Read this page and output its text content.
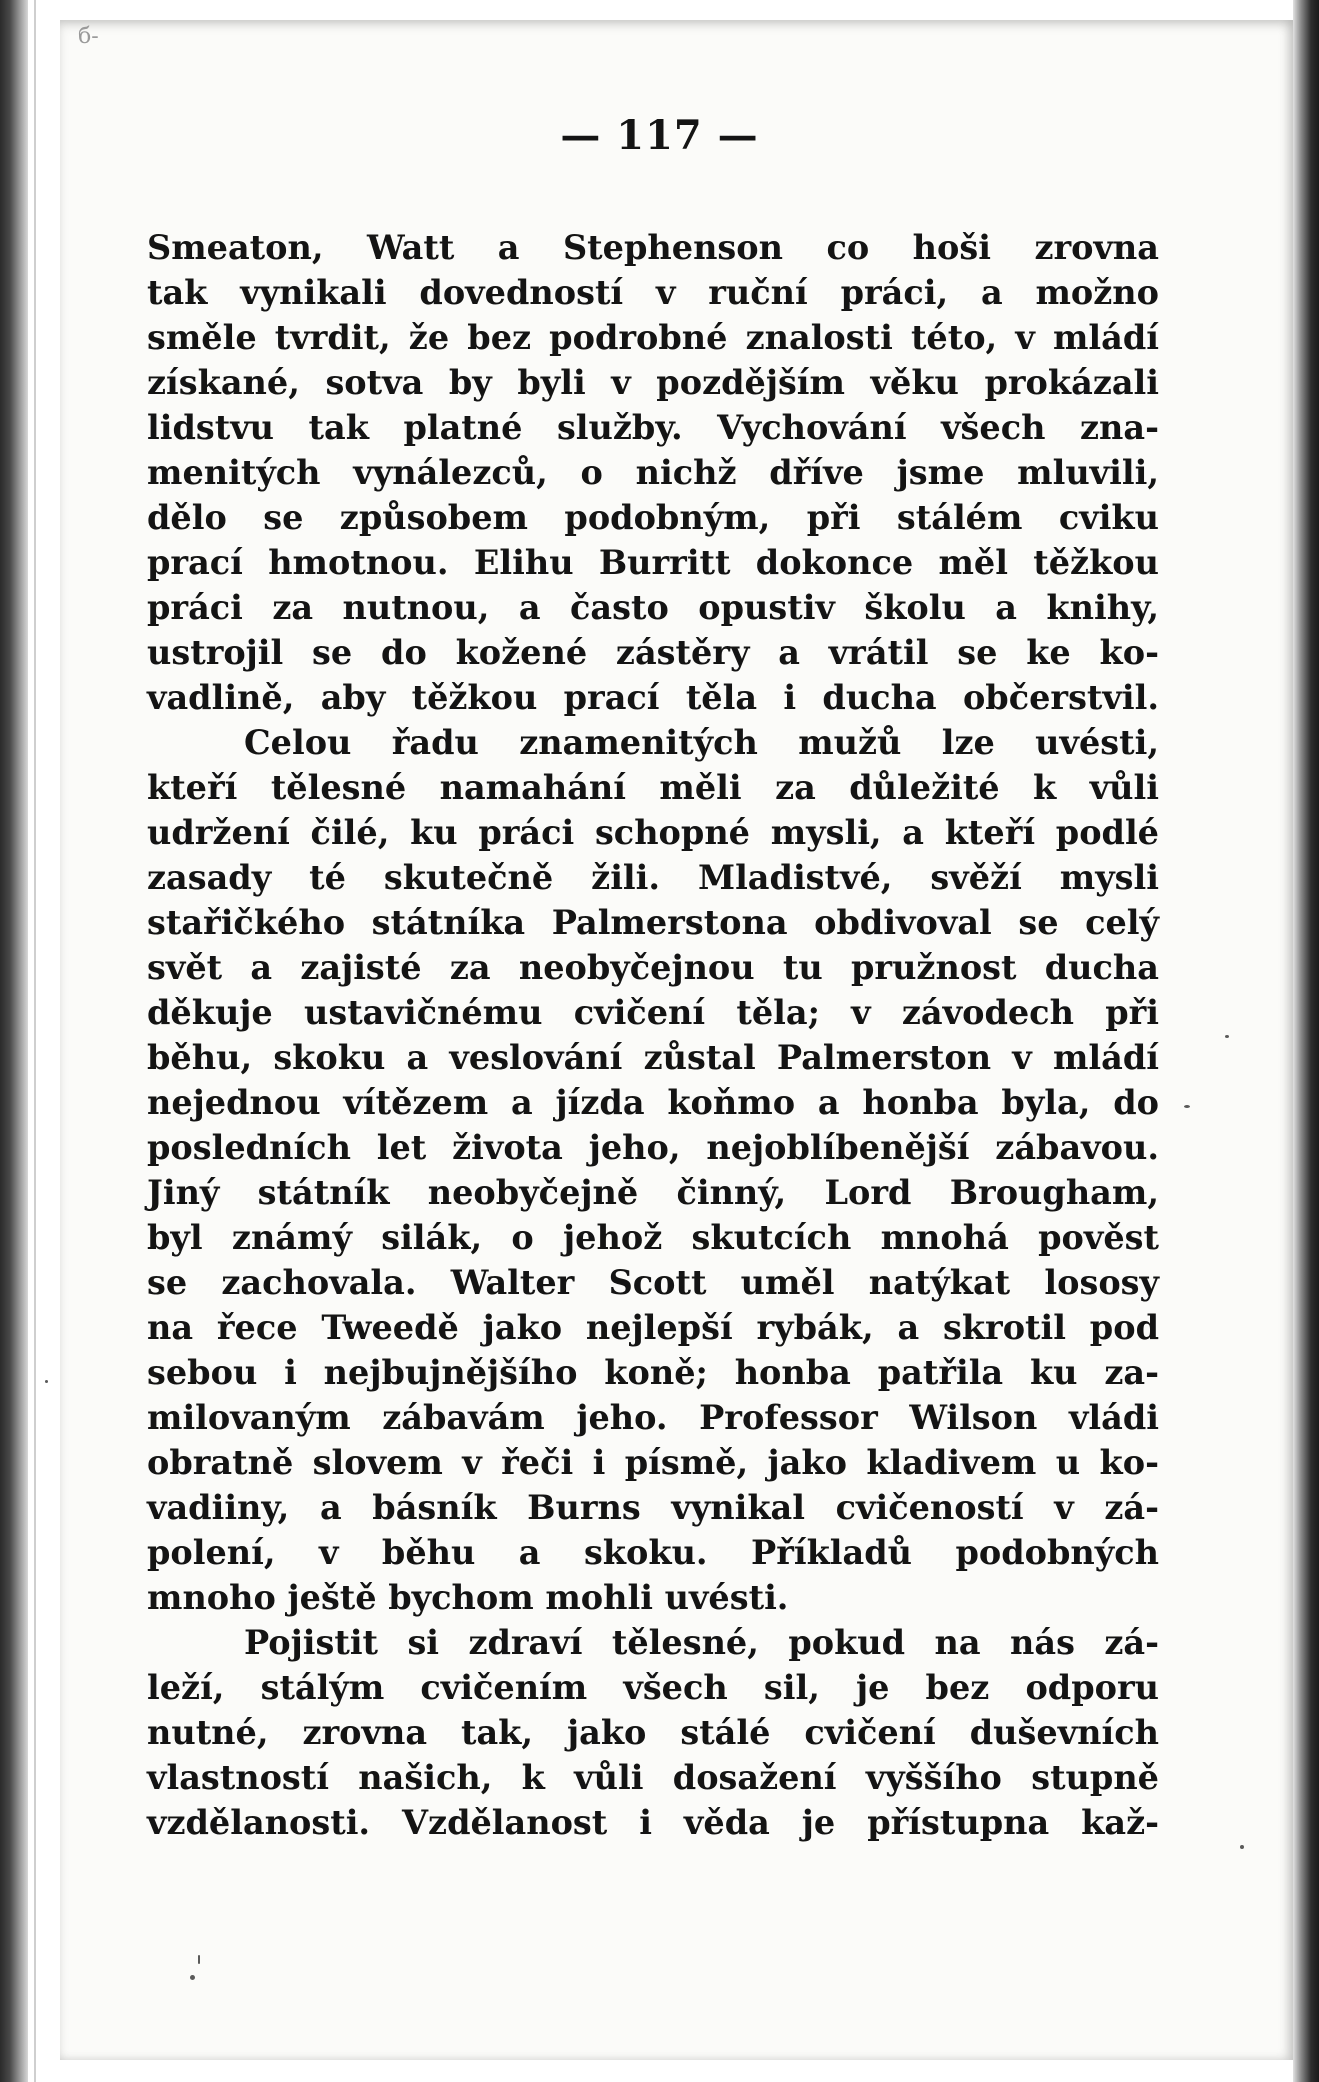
б-
— 117 —
Smeaton, Watt a Stephenson co hoši zrovna
tak vynikali dovedností v ruční práci, a možno
směle tvrdit, že bez podrobné znalosti této, v mládí
získané, sotva by byli v pozdějším věku prokázali
lidstvu tak platné služby. Vychování všech zna-
menitých vynálezců, o nichž dříve jsme mluvili,
dělo se způsobem podobným, při stálém cviku
prací hmotnou. Elihu Burritt dokonce měl těžkou
práci za nutnou, a často opustiv školu a knihy,
ustrojil se do kožené zástěry a vrátil se ke ko-
vadlině, aby těžkou prací těla i ducha občerstvil.
Celou řadu znamenitých mužů lze uvésti,
kteří tělesné namahání měli za důležité k vůli
udržení čilé, ku práci schopné mysli, a kteří podlé
zasady té skutečně žili. Mladistvé, svěží mysli
stařičkého státníka Palmerstona obdivoval se celý
svět a zajisté za neobyčejnou tu pružnost ducha
děkuje ustavičnému cvičení těla; v závodech při
běhu, skoku a veslování zůstal Palmerston v mládí
nejednou vítězem a jízda koňmo a honba byla, do
posledních let života jeho, nejoblíbenější zábavou.
Jiný státník neobyčejně činný, Lord Brougham,
byl známý silák, o jehož skutcích mnohá pověst
se zachovala. Walter Scott uměl natýkat lososy
na řece Tweedě jako nejlepší rybák, a skrotil pod
sebou i nejbujnějšího koně; honba patřila ku za-
milovaným zábavám jeho. Professor Wilson vládi
obratně slovem v řeči i písmě, jako kladivem u ko-
vadiiny, a básník Burns vynikal cvičeností v zá-
polení, v běhu a skoku. Příkladů podobných
mnoho ještě bychom mohli uvésti.
Pojistit si zdraví tělesné, pokud na nás zá-
leží, stálým cvičením všech sil, je bez odporu
nutné, zrovna tak, jako stálé cvičení duševních
vlastností našich, k vůli dosažení vyššího stupně
vzdělanosti. Vzdělanost i věda je přístupna kaž-
